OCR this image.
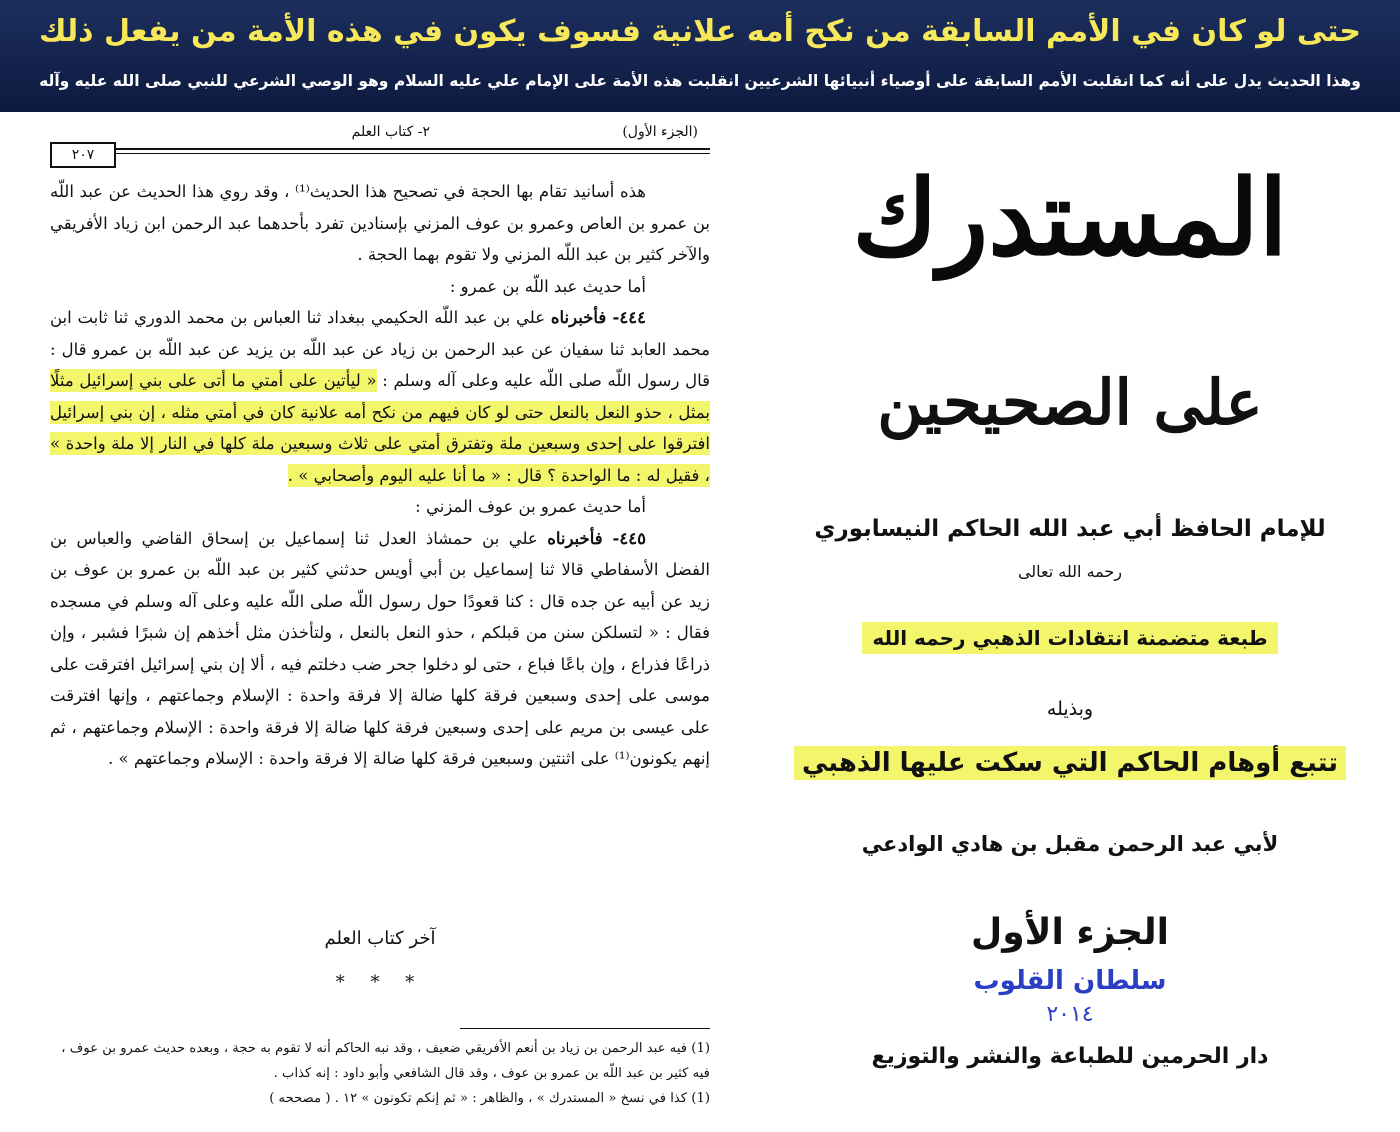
حتى لو كان في الأمم السابقة من نكح أمه علانية فسوف يكون في هذه الأمة من يفعل ذلك
وهذا الحديث يدل على أنه كما انقلبت الأمم السابقة على أوصياء أنبيائها الشرعيين انقلبت هذه الأمة على الإمام علي عليه السلام وهو الوصي الشرعي للنبي صلى الله عليه وآله
(الجزء الأول)
٢- كتاب العلم
٢٠٧

هذه أسانيد تقام بها الحجة في تصحيح هذا الحديث⁽¹⁾ ، وقد روي هذا الحديث عن عبد اللّه بن عمرو بن العاص وعمرو بن عوف المزني بإسنادين تفرد بأحدهما عبد الرحمن ابن زياد الأفريقي والآخر كثير بن عبد اللّه المزني ولا تقوم بهما الحجة .

أما حديث عبد اللّه بن عمرو :

٤٤٤- فأخبرناه علي بن عبد اللّه الحكيمي ببغداد ثنا العباس بن محمد الدوري ثنا ثابت ابن محمد العابد ثنا سفيان عن عبد الرحمن بن زياد عن عبد اللّه بن يزيد عن عبد اللّه بن عمرو قال : قال رسول اللّه صلى اللّه عليه وعلى آله وسلم : « ليأتين على أمتي ما أتى على بني إسرائيل مثلًا بمثل ، حذو النعل بالنعل حتى لو كان فيهم من نكح أمه علانية كان في أمتي مثله ، إن بني إسرائيل افترقوا على إحدى وسبعين ملة وتفترق أمتي على ثلاث وسبعين ملة كلها في النار إلا ملة واحدة » ، فقيل له : ما الواحدة ؟ قال : « ما أنا عليه اليوم وأصحابي » .

أما حديث عمرو بن عوف المزني :

٤٤٥- فأخبرناه علي بن حمشاذ العدل ثنا إسماعيل بن إسحاق القاضي والعباس بن الفضل الأسفاطي قالا ثنا إسماعيل بن أبي أويس حدثني كثير بن عبد اللّه بن عمرو بن عوف بن زيد عن أبيه عن جده قال : كنا قعودًا حول رسول اللّه صلى اللّه عليه وعلى آله وسلم في مسجده فقال : « لتسلكن سنن من قبلكم ، حذو النعل بالنعل ، ولتأخذن مثل أخذهم إن شبرًا فشبر ، وإن ذراعًا فذراع ، وإن باعًا فباع ، حتى لو دخلوا جحر ضب دخلتم فيه ، ألا إن بني إسرائيل افترقت على موسى على إحدى وسبعين فرقة كلها ضالة إلا فرقة واحدة : الإسلام وجماعتهم ، وإنها افترقت على عيسى بن مريم على إحدى وسبعين فرقة كلها ضالة إلا فرقة واحدة : الإسلام وجماعتهم ، ثم إنهم يكونون⁽¹⁾ على اثنتين وسبعين فرقة كلها ضالة إلا فرقة واحدة : الإسلام وجماعتهم » .

آخر كتاب العلم
* * *

(1) فيه عبد الرحمن بن زياد بن أنعم الأفريقي ضعيف ، وقد نبه الحاكم أنه لا تقوم به حجة ، وبعده حديث عمرو بن عوف ، فيه كثير بن عبد اللّه بن عمرو بن عوف ، وقد قال الشافعي وأبو داود : إنه كذاب .

(1) كذا في نسخ « المستدرك » ، والظاهر : « ثم إنكم تكونون » ١٢ . ( مصححه )

المستدرك
على الصحيحين
للإمام الحافظ أبي عبد الله الحاكم النيسابوري
رحمه الله تعالى
طبعة متضمنة انتقادات الذهبي رحمه الله
وبذيله
تتبع أوهام الحاكم التي سكت عليها الذهبي
لأبي عبد الرحمن مقبل بن هادي الوادعي
الجزء الأول
سلطان القلوب
٢٠١٤
دار الحرمين للطباعة والنشر والتوزيع
